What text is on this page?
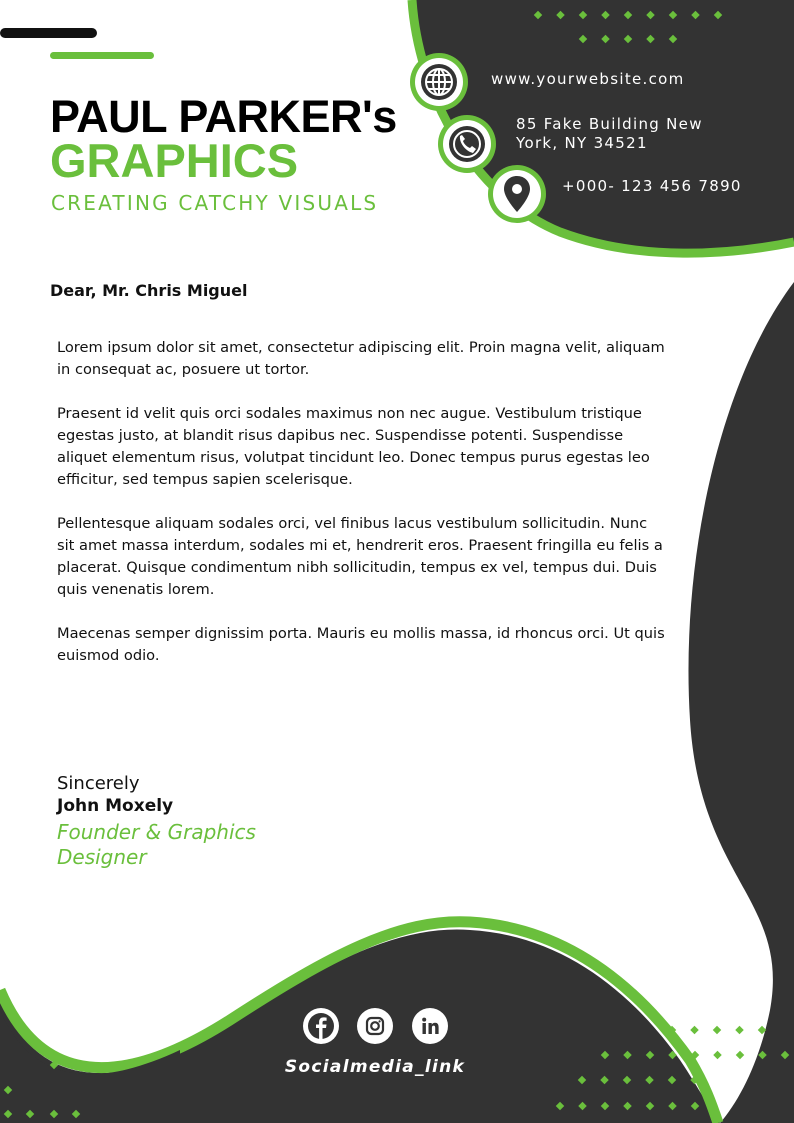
PAUL PARKER's
GRAPHICS
CREATING CATCHY VISUALS
www.yourwebsite.com
85 Fake Building New
York, NY 34521
+000- 123 456 7890
Dear, Mr. Chris Miguel

Lorem ipsum dolor sit amet, consectetur adipiscing elit. Proin magna velit, aliquam in consequat ac, posuere ut tortor.

Praesent id velit quis orci sodales maximus non nec augue. Vestibulum tristique egestas justo, at blandit risus dapibus nec. Suspendisse potenti. Suspendisse aliquet elementum risus, volutpat tincidunt leo. Donec tempus purus egestas leo efficitur, sed tempus sapien scelerisque.

Pellentesque aliquam sodales orci, vel finibus lacus vestibulum sollicitudin. Nunc sit amet massa interdum, sodales mi et, hendrerit eros. Praesent fringilla eu felis a placerat. Quisque condimentum nibh sollicitudin, tempus ex vel, tempus dui. Duis quis venenatis lorem.

Maecenas semper dignissim porta. Mauris eu mollis massa, id rhoncus orci. Ut quis euismod odio.

Sincerely
John Moxely
Founder & Graphics Designer
Socialmedia_link
